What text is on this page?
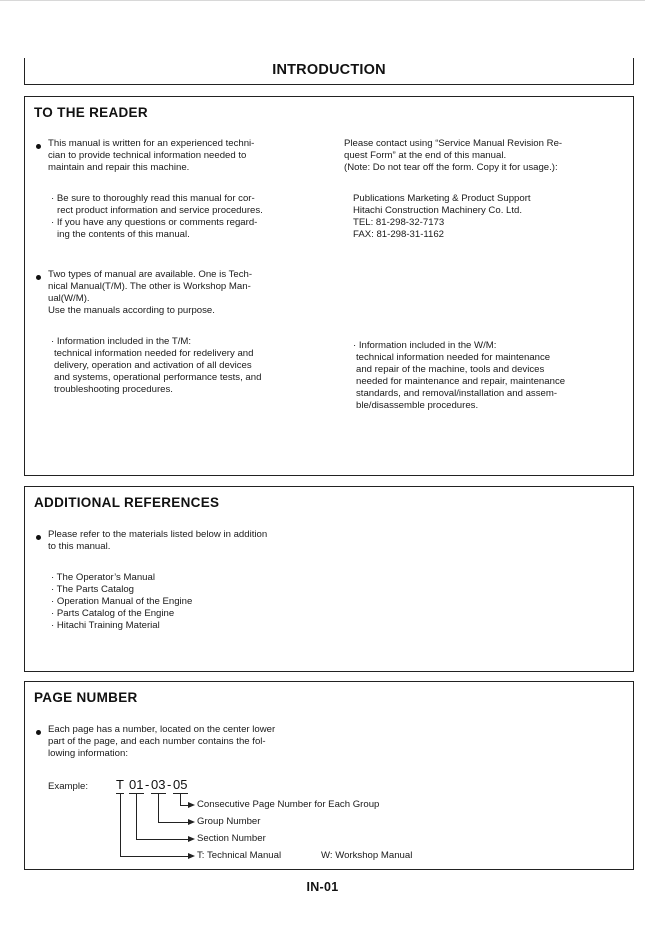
INTRODUCTION
TO THE READER
This manual is written for an experienced techni-
cian to provide technical information needed to
maintain and repair this machine.
· Be sure to thoroughly read this manual for cor-
rect product information and service procedures.
· If you have any questions or comments regard-
ing the contents of this manual.
Two types of manual are available. One is Tech-
nical Manual(T/M). The other is Workshop Man-
ual(W/M).
Use the manuals according to purpose.
· Information included in the T/M:
technical information needed for redelivery and
delivery, operation and activation of all devices
and systems, operational performance tests, and
troubleshooting procedures.
Please contact using “Service Manual Revision Re-
quest Form” at the end of this manual.
(Note: Do not tear off the form. Copy it for usage.):
Publications Marketing & Product Support
Hitachi Construction Machinery Co. Ltd.
TEL: 81-298-32-7173
FAX: 81-298-31-1162
· Information included in the W/M:
technical information needed for maintenance
and repair of the machine, tools and devices
needed for maintenance and repair, maintenance
standards, and removal/installation and assem-
ble/disassemble procedures.
ADDITIONAL REFERENCES
Please refer to the materials listed below in addition
to this manual.
· The Operator’s Manual
· The Parts Catalog
· Operation Manual of the Engine
· Parts Catalog of the Engine
· Hitachi Training Material
PAGE NUMBER
Each page has a number, located on the center lower
part of the page, and each number contains the fol-
lowing information:
Example: T 01 - 03 - 05
Consecutive Page Number for Each Group
Group Number
Section Number
T: Technical Manual	W: Workshop Manual
IN-01
